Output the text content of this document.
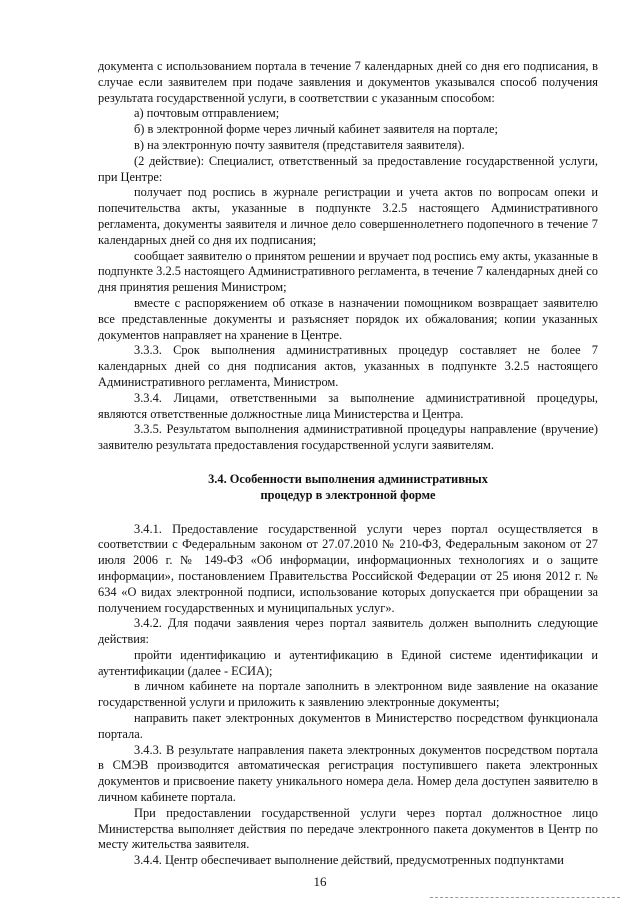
документа с использованием портала в течение 7 календарных дней со дня его подписания, в случае если заявителем при подаче заявления и документов указывался способ получения результата государственной услуги, в соответствии с указанным способом:

а) почтовым отправлением;

б) в электронной форме через личный кабинет заявителя на портале;

в) на электронную почту заявителя (представителя заявителя).

(2 действие): Специалист, ответственный за предоставление государственной услуги, при Центре:

получает под роспись в журнале регистрации и учета актов по вопросам опеки и попечительства акты, указанные в подпункте 3.2.5 настоящего Административного регламента, документы заявителя и личное дело совершеннолетнего подопечного в течение 7 календарных дней со дня их подписания;

сообщает заявителю о принятом решении и вручает под роспись ему акты, указанные в подпункте 3.2.5 настоящего Административного регламента, в течение 7 календарных дней со дня принятия решения Министром;

вместе с распоряжением об отказе в назначении помощником возвращает заявителю все представленные документы и разъясняет порядок их обжалования; копии указанных документов направляет на хранение в Центре.

3.3.3. Срок выполнения административных процедур составляет не более 7 календарных дней со дня подписания актов, указанных в подпункте 3.2.5 настоящего Административного регламента, Министром.

3.3.4. Лицами, ответственными за выполнение административной процедуры, являются ответственные должностные лица Министерства и Центра.

3.3.5. Результатом выполнения административной процедуры направление (вручение) заявителю результата предоставления государственной услуги заявителям.

3.4. Особенности выполнения административных
процедур в электронной форме

3.4.1. Предоставление государственной услуги через портал осуществляется в соответствии с Федеральным законом от 27.07.2010 № 210-ФЗ, Федеральным законом от 27 июля 2006 г. № 149-ФЗ «Об информации, информационных технологиях и о защите информации», постановлением Правительства Российской Федерации от 25 июня 2012 г. № 634 «О видах электронной подписи, использование которых допускается при обращении за получением государственных и муниципальных услуг».

3.4.2. Для подачи заявления через портал заявитель должен выполнить следующие действия:

пройти идентификацию и аутентификацию в Единой системе идентификации и аутентификации (далее - ЕСИА);

в личном кабинете на портале заполнить в электронном виде заявление на оказание государственной услуги и приложить к заявлению электронные документы;

направить пакет электронных документов в Министерство посредством функционала портала.

3.4.3. В результате направления пакета электронных документов посредством портала в СМЭВ производится автоматическая регистрация поступившего пакета электронных документов и присвоение пакету уникального номера дела. Номер дела доступен заявителю в личном кабинете портала.

При предоставлении государственной услуги через портал должностное лицо Министерства выполняет действия по передаче электронного пакета документов в Центр по месту жительства заявителя.

3.4.4. Центр обеспечивает выполнение действий, предусмотренных подпунктами

16
